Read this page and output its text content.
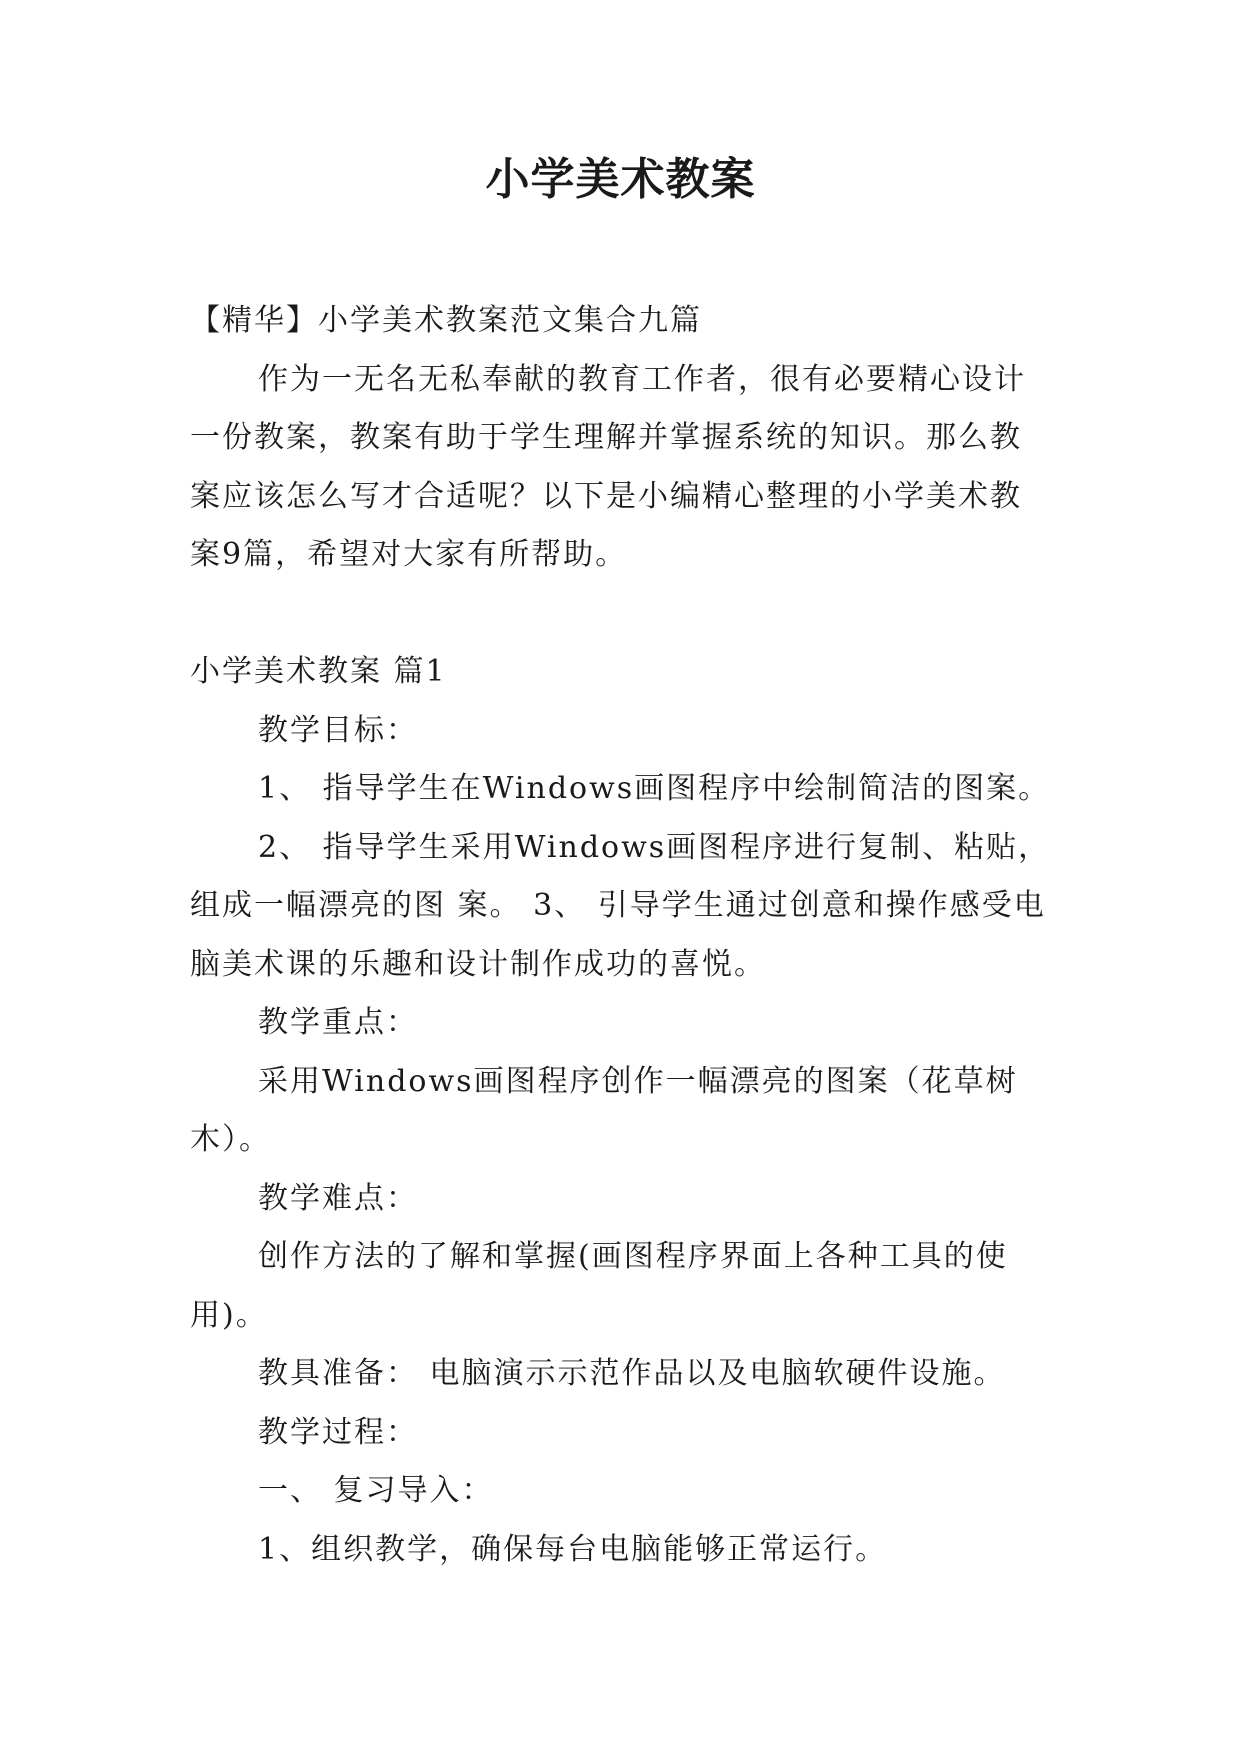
小学美术教案

【精华】小学美术教案范文集合九篇

作为一无名无私奉献的教育工作者，很有必要精心设计一份教案，教案有助于学生理解并掌握系统的知识。那么教案应该怎么写才合适呢？以下是小编精心整理的小学美术教案9篇，希望对大家有所帮助。

小学美术教案 篇1

教学目标：

1、 指导学生在Windows画图程序中绘制简洁的图案。

2、 指导学生采用Windows画图程序进行复制、粘贴，组成一幅漂亮的图 案。 3、 引导学生通过创意和操作感受电脑美术课的乐趣和设计制作成功的喜悦。

教学重点：

采用Windows画图程序创作一幅漂亮的图案（花草树木）。

教学难点：

创作方法的了解和掌握(画图程序界面上各种工具的使用)。

教具准备： 电脑演示示范作品以及电脑软硬件设施。

教学过程：

一、 复习导入：

1、组织教学，确保每台电脑能够正常运行。
